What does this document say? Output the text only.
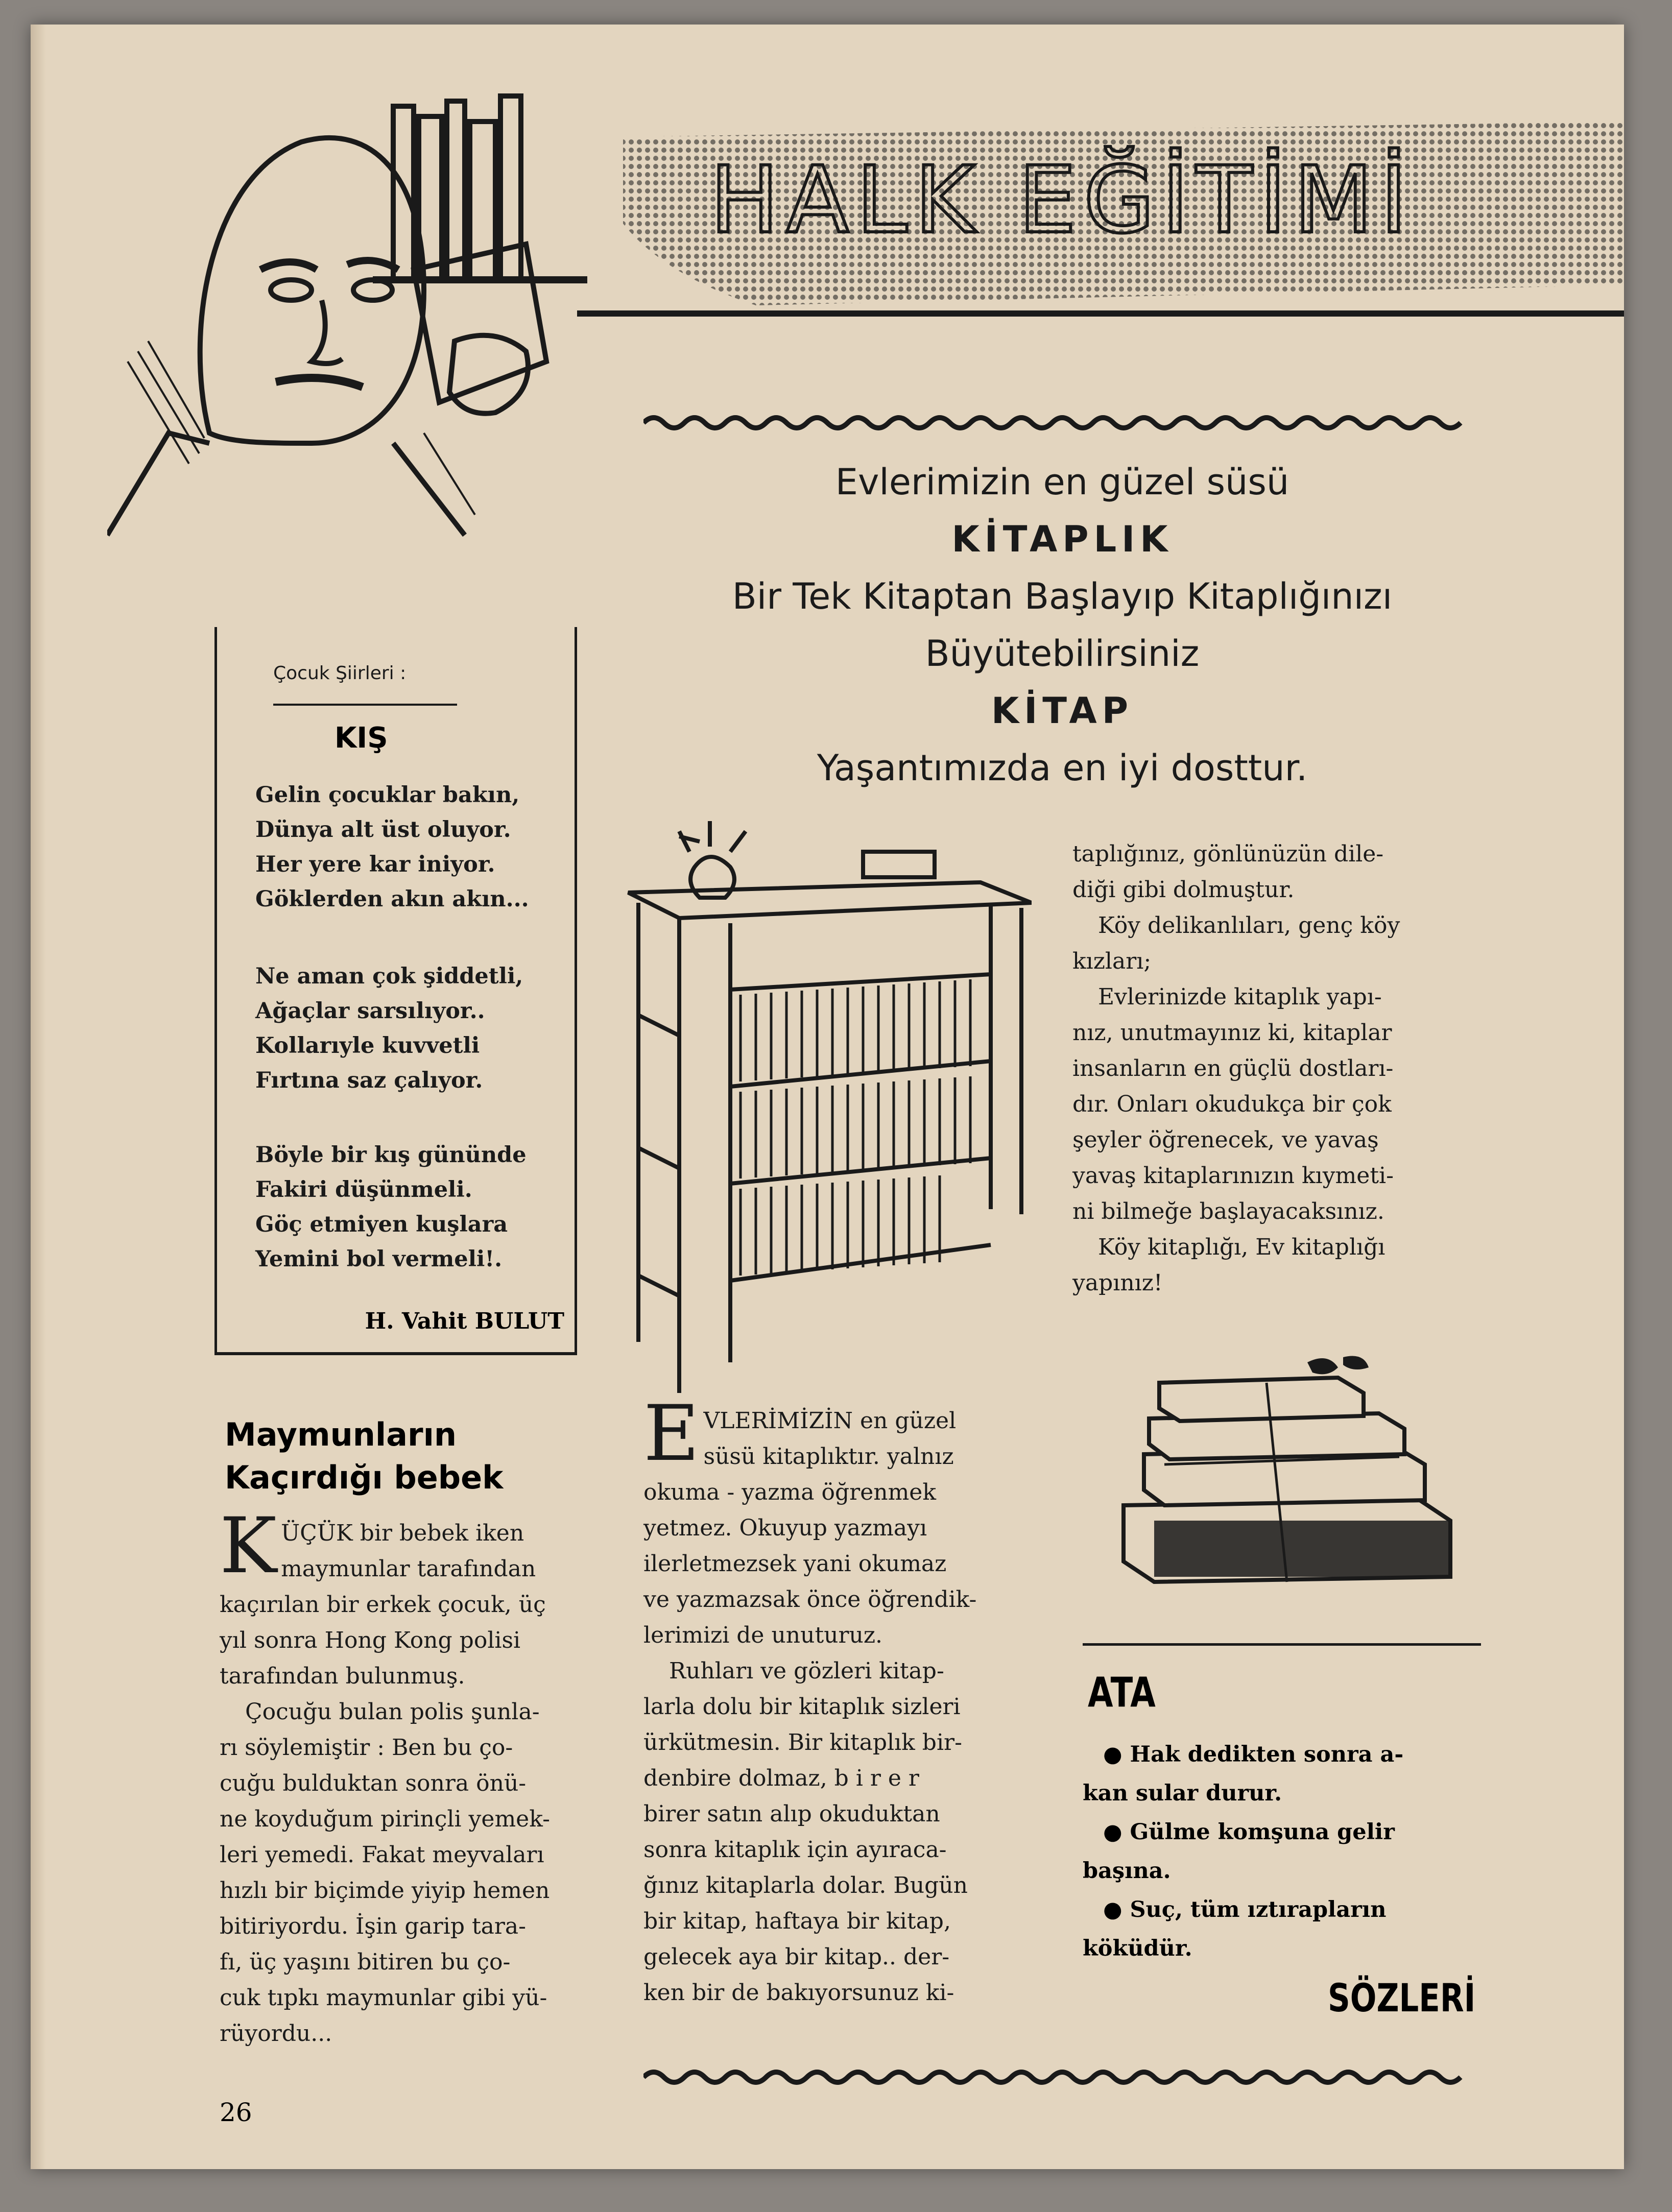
HALK EĞİTİMİ
Evlerimizin en güzel süsü
KİTAPLIK
Bir Tek Kitaptan Başlayıp Kitaplığınızı
Büyütebilirsiniz
KİTAP
Yaşantımızda en iyi dosttur.
Çocuk Şiirleri :
KIŞ
Gelin çocuklar bakın,
Dünya alt üst oluyor.
Her yere kar iniyor.
Göklerden akın akın...
Ne aman çok şiddetli,
Ağaçlar sarsılıyor..
Kollarıyle kuvvetli
Fırtına saz çalıyor.
Böyle bir kış gününde
Fakiri düşünmeli.
Göç etmiyen kuşlara
Yemini bol vermeli!.
H. Vahit BULUT
taplığınız, gönlünüzün dile-
diği gibi dolmuştur.
Köy delikanlıları, genç köy
kızları;
Evlerinizde kitaplık yapı-
nız, unutmayınız ki, kitaplar
insanların en güçlü dostları-
dır. Onları okudukça bir çok
şeyler öğrenecek, ve yavaş
yavaş kitaplarınızın kıymeti-
ni bilmeğe başlayacaksınız.
Köy kitaplığı, Ev kitaplığı
yapınız!
Maymunların
Kaçırdığı bebek
K ÜÇÜK bir bebek iken
maymunlar tarafından
kaçırılan bir erkek çocuk, üç
yıl sonra Hong Kong polisi
tarafından bulunmuş.
Çocuğu bulan polis şunla-
rı söylemiştir : Ben bu ço-
cuğu bulduktan sonra önü-
ne koyduğum pirinçli yemek-
leri yemedi. Fakat meyvaları
hızlı bir biçimde yiyip hemen
bitiriyordu. İşin garip tara-
fı, üç yaşını bitiren bu ço-
cuk tıpkı maymunlar gibi yü-
rüyordu...
E VLERİMİZİN en güzel
süsü kitaplıktır. yalnız
okuma - yazma öğrenmek
yetmez. Okuyup yazmayı
ilerletmezsek yani okumaz
ve yazmazsak önce öğrendik-
lerimizi de unuturuz.
Ruhları ve gözleri kitap-
larla dolu bir kitaplık sizleri
ürkütmesin. Bir kitaplık bir-
denbire dolmaz, b i r e r
birer satın alıp okuduktan
sonra kitaplık için ayıraca-
ğınız kitaplarla dolar. Bugün
bir kitap, haftaya bir kitap,
gelecek aya bir kitap.. der-
ken bir de bakıyorsunuz ki-
ATA
● Hak dedikten sonra a-
kan sular durur.
● Gülme komşuna gelir
başına.
● Suç, tüm ıztırapların
köküdür.
SÖZLERİ
26
